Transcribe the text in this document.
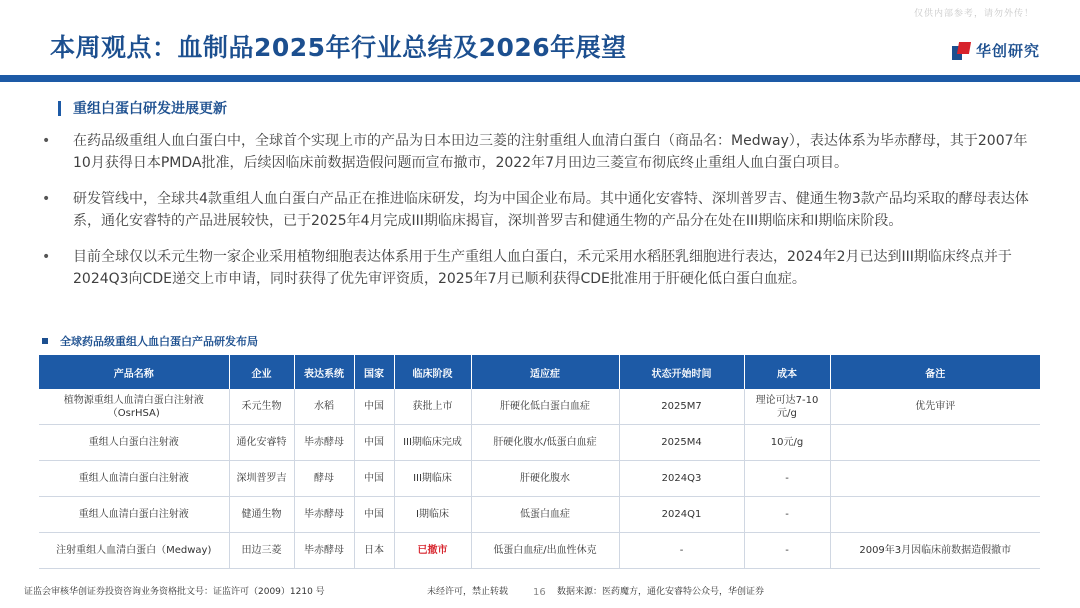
仅供内部参考，请勿外传！
本周观点：血制品2025年行业总结及2026年展望	华创研究
重组白蛋白研发进展更新
•	在药品级重组人血白蛋白中，全球首个实现上市的产品为日本田边三菱的注射重组人血清白蛋白（商品名：Medway），表达体系为毕赤酵母，其于2007年10月获得日本PMDA批准，后续因临床前数据造假问题而宣布撤市，2022年7月田边三菱宣布彻底终止重组人血白蛋白项目。
•	研发管线中，全球共4款重组人血白蛋白产品正在推进临床研发，均为中国企业布局。其中通化安睿特、深圳普罗吉、健通生物3款产品均采取的酵母表达体系，通化安睿特的产品进展较快，已于2025年4月完成III期临床揭盲，深圳普罗吉和健通生物的产品分在处在III期临床和I期临床阶段。
•	目前全球仅以禾元生物一家企业采用植物细胞表达体系用于生产重组人血白蛋白，禾元采用水稻胚乳细胞进行表达，2024年2月已达到III期临床终点并于2024Q3向CDE递交上市申请，同时获得了优先审评资质，2025年7月已顺利获得CDE批准用于肝硬化低白蛋白血症。
全球药品级重组人血白蛋白产品研发布局
产品名称	企业	表达系统	国家	临床阶段	适应症	状态开始时间	成本	备注
植物源重组人血清白蛋白注射液（OsrHSA)	禾元生物	水稻	中国	获批上市	肝硬化低白蛋白血症	2025M7	理论可达7-10元/g	优先审评
重组人白蛋白注射液	通化安睿特	毕赤酵母	中国	III期临床完成	肝硬化腹水/低蛋白血症	2025M4	10元/g	
重组人血清白蛋白注射液	深圳普罗吉	酵母	中国	III期临床	肝硬化腹水	2024Q3	-	
重组人血清白蛋白注射液	健通生物	毕赤酵母	中国	I期临床	低蛋白血症	2024Q1	-	
注射重组人血清白蛋白（Medway)	田边三菱	毕赤酵母	日本	已撤市	低蛋白血症/出血性休克	-	-	2009年3月因临床前数据造假撤市
证监会审核华创证券投资咨询业务资格批文号：证监许可（2009）1210 号	未经许可，禁止转载 16 数据来源：医药魔方，通化安睿特公众号，华创证券
